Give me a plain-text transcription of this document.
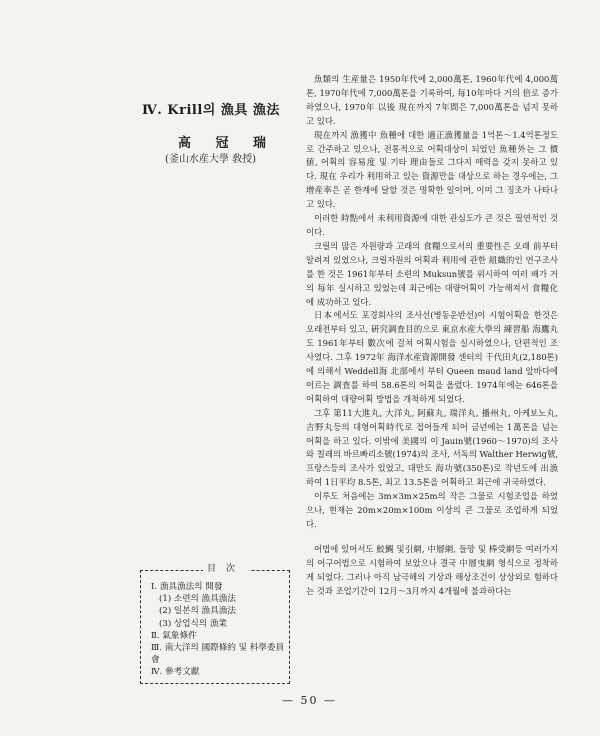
Ⅳ. Krill의 漁具 漁法
高 冠 瑞
(釜山水産大學 敎授)

魚類의 生産量은 1950年代에 2,000萬톤, 1960年代에 4,000萬톤, 1970年代에 7,000萬톤을 기록하여, 每10年마다 거의 倍로 증가하였으나, 1970年 以後 現在까지 7年間은 7,000萬톤을 넘지 못하고 있다.

現在까지 漁獲中 魚種에 대한 適正漁獲量을 1억톤～1.4억톤정도로 간주하고 있으나, 전통적으로 어획대상이 되었던 魚種外는 그 價値, 어획의 容易度 및 기타 理由들로 그다지 매력을 갖지 못하고 있다. 現在 우리가 利用하고 있는 資源만을 대상으로 하는 경우에는, 그 增産率은 곧 한계에 달할 것은 명확한 일이며, 이미 그 징조가 나타나고 있다.

이러한 時點에서 未利用資源에 대한 관심도가 큰 것은 필연적인 것이다.

크릴의 많은 자원량과 고래의 食糧으로서의 重要性은 오래 前부터 알려져 있었으나, 크릴자원의 어획과 利用에 관한 組織的인 연구조사를 한 것은 1961年부터 소련의 Muksun號를 위시하여 여러 배가 거의 每年 실시하고 있었는데 최근에는 대량어획이 가능해져서 食糧化에 成功하고 있다.

日本에서도 포경회사의 조사선(병동운반선)이 시험어획을 한것은 오래전부터 있고, 硏究調査目的으로 東京水産大學의 練習船 海鷹丸도 1961年부터 數次에 걸쳐 어획시험을 실시하였으나, 단편적인 조사였다. 그후 1972年 海洋水産資源開發 센터의 千代田丸(2,180톤)에 의해서 Weddell海 北部에서 부터 Queen maud land 앞바다에 이르는 調査를 하여 58.6톤의 어획을 올렸다. 1974年에는 646톤을 어획하여 대량어획 방법을 개척하게 되었다.

그후 第11大進丸, 大洋丸, 阿蘇丸, 瑞洋丸, 播州丸, 아케보노丸, 吉野丸등의 대형어획時代로 접어들게 되어 금년에는 1萬톤을 넘는 어획을 하고 있다. 이밖에 美國의 이 Jauin號(1960～1970)의 조사와 칠레의 바르빠리소號(1974)의 조사, 서독의 Walther Herwig號, 프랑스등의 조사가 있었고, 대만도 海功號(350톤)로 작년도에 出漁하여 1日平均 8.5톤, 최고 13.5톤을 어획하고 최근에 귀국하였다.

이루도 처음에는 3m×3m×25m의 작은 그물로 시험조업을 하였으나, 현재는 20m×20m×100m 이상의 큰 그물로 조업하게 되었다.

어법에 있어서도 鮫鯛 및引網, 中層網, 들망 및 棒受網등 여러가지의 어구어법으로 시험하여 보았으나 결국 中層曳網 형식으로 정착하게 되었다. 그러나 아직 남극해의 기상과 해상조건이 상상외로 험하다는 것과 조업기간이 12月～3月까지 4개월에 불과하다는

目次
Ⅰ. 漁具漁法의 開發
(1) 소련의 漁具漁法
(2) 일본의 漁具漁法
(3) 상업식의 漁業
Ⅱ. 氣象條件
Ⅲ. 南大洋의 國際條約 및 科學委員會
Ⅳ. 參考文獻
— 50 —
